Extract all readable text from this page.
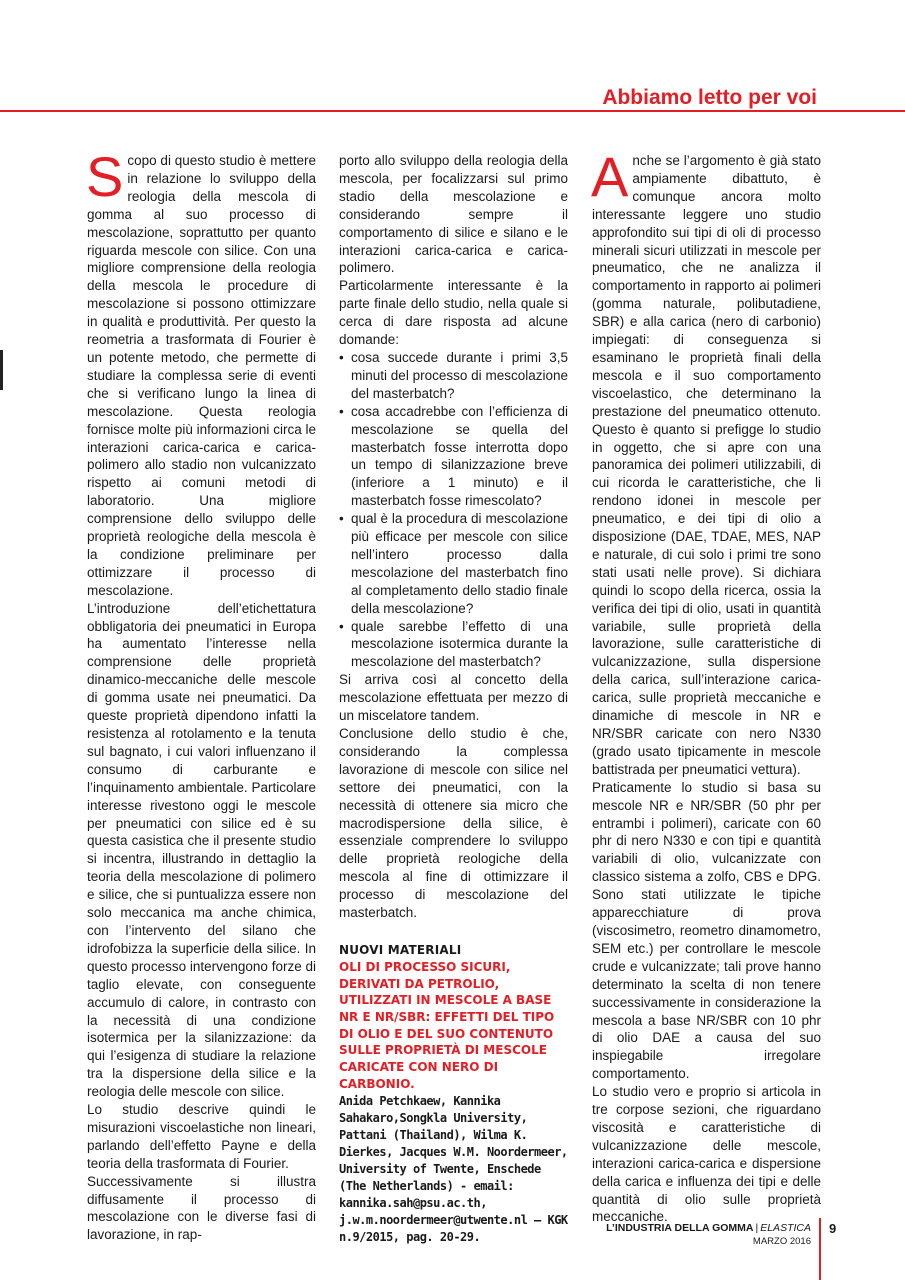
Abbiamo letto per voi

Scopo di questo studio è mettere in relazione lo sviluppo della reologia della mescola di gomma al suo processo di mescolazione, soprattutto per quanto riguarda mescole con silice. Con una migliore comprensione della reologia della mescola le procedure di mescolazione si possono ottimizzare in qualità e produttività. Per questo la reometria a trasformata di Fourier è un potente metodo, che permette di studiare la complessa serie di eventi che si verificano lungo la linea di mescolazione. Questa reologia fornisce molte più informazioni circa le interazioni carica-carica e carica-polimero allo stadio non vulcanizzato rispetto ai comuni metodi di laboratorio. Una migliore comprensione dello sviluppo delle proprietà reologiche della mescola è la condizione preliminare per ottimizzare il processo di mescolazione.

L’introduzione dell’etichettatura obbligatoria dei pneumatici in Europa ha aumentato l’interesse nella comprensione delle proprietà dinamico-meccaniche delle mescole di gomma usate nei pneumatici. Da queste proprietà dipendono infatti la resistenza al rotolamento e la tenuta sul bagnato, i cui valori influenzano il consumo di carburante e l’inquinamento ambientale. Particolare interesse rivestono oggi le mescole per pneumatici con silice ed è su questa casistica che il presente studio si incentra, illustrando in dettaglio la teoria della mescolazione di polimero e silice, che si puntualizza essere non solo meccanica ma anche chimica, con l’intervento del silano che idrofobizza la superficie della silice. In questo processo intervengono forze di taglio elevate, con conseguente accumulo di calore, in contrasto con la necessità di una condizione isotermica per la silanizzazione: da qui l’esigenza di studiare la relazione tra la dispersione della silice e la reologia delle mescole con silice.

Lo studio descrive quindi le misurazioni viscoelastiche non lineari, parlando dell’effetto Payne e della teoria della trasformata di Fourier.

Successivamente si illustra diffusamente il processo di mescolazione con le diverse fasi di lavorazione, in rap-

porto allo sviluppo della reologia della mescola, per focalizzarsi sul primo stadio della mescolazione e considerando sempre il comportamento di silice e silano e le interazioni carica-carica e carica-polimero.

Particolarmente interessante è la parte finale dello studio, nella quale si cerca di dare risposta ad alcune domande:

• cosa succede durante i primi 3,5 minuti del processo di mescolazione del masterbatch?
• cosa accadrebbe con l’efficienza di mescolazione se quella del masterbatch fosse interrotta dopo un tempo di silanizzazione breve (inferiore a 1 minuto) e il masterbatch fosse rimescolato?
• qual è la procedura di mescolazione più efficace per mescole con silice nell’intero processo dalla mescolazione del masterbatch fino al completamento dello stadio finale della mescolazione?
• quale sarebbe l’effetto di una mescolazione isotermica durante la mescolazione del masterbatch?

Si arriva così al concetto della mescolazione effettuata per mezzo di un miscelatore tandem.

Conclusione dello studio è che, considerando la complessa lavorazione di mescole con silice nel settore dei pneumatici, con la necessità di ottenere sia micro che macrodispersione della silice, è essenziale comprendere lo sviluppo delle proprietà reologiche della mescola al fine di ottimizzare il processo di mescolazione del masterbatch.

NUOVI MATERIALI
OLI DI PROCESSO SICURI, DERIVATI DA PETROLIO, UTILIZZATI IN MESCOLE A BASE NR E NR/SBR: EFFETTI DEL TIPO DI OLIO E DEL SUO CONTENUTO SULLE PROPRIETÀ DI MESCOLE CARICATE CON NERO DI CARBONIO.
Anida Petchkaew, Kannika Sahakaro,Songkla University, Pattani (Thailand), Wilma K. Dierkes, Jacques W.M. Noordermeer, University of Twente, Enschede (The Netherlands) - email: kannika.sah@psu.ac.th, j.w.m.noordermeer@utwente.nl – KGK n.9/2015, pag. 20-29.

Anche se l’argomento è già stato ampiamente dibattuto, è comunque ancora molto interessante leggere uno studio approfondito sui tipi di oli di processo minerali sicuri utilizzati in mescole per pneumatico, che ne analizza il comportamento in rapporto ai polimeri (gomma naturale, polibutadiene, SBR) e alla carica (nero di carbonio) impiegati: di conseguenza si esaminano le proprietà finali della mescola e il suo comportamento viscoelastico, che determinano la prestazione del pneumatico ottenuto. Questo è quanto si prefigge lo studio in oggetto, che si apre con una panoramica dei polimeri utilizzabili, di cui ricorda le caratteristiche, che li rendono idonei in mescole per pneumatico, e dei tipi di olio a disposizione (DAE, TDAE, MES, NAP e naturale, di cui solo i primi tre sono stati usati nelle prove). Si dichiara quindi lo scopo della ricerca, ossia la verifica dei tipi di olio, usati in quantità variabile, sulle proprietà della lavorazione, sulle caratteristiche di vulcanizzazione, sulla dispersione della carica, sull’interazione carica-carica, sulle proprietà meccaniche e dinamiche di mescole in NR e NR/SBR caricate con nero N330 (grado usato tipicamente in mescole battistrada per pneumatici vettura).

Praticamente lo studio si basa su mescole NR e NR/SBR (50 phr per entrambi i polimeri), caricate con 60 phr di nero N330 e con tipi e quantità variabili di olio, vulcanizzate con classico sistema a zolfo, CBS e DPG. Sono stati utilizzate le tipiche apparecchiature di prova (viscosimetro, reometro dinamometro, SEM etc.) per controllare le mescole crude e vulcanizzate; tali prove hanno determinato la scelta di non tenere successivamente in considerazione la mescola a base NR/SBR con 10 phr di olio DAE a causa del suo inspiegabile irregolare comportamento.

Lo studio vero e proprio si articola in tre corpose sezioni, che riguardano viscosità e caratteristiche di vulcanizzazione delle mescole, interazioni carica-carica e dispersione della carica e influenza dei tipi e delle quantità di olio sulle proprietà meccaniche.

L’INDUSTRIA DELLA GOMMA | ELASTICA
MARZO 2016
9
